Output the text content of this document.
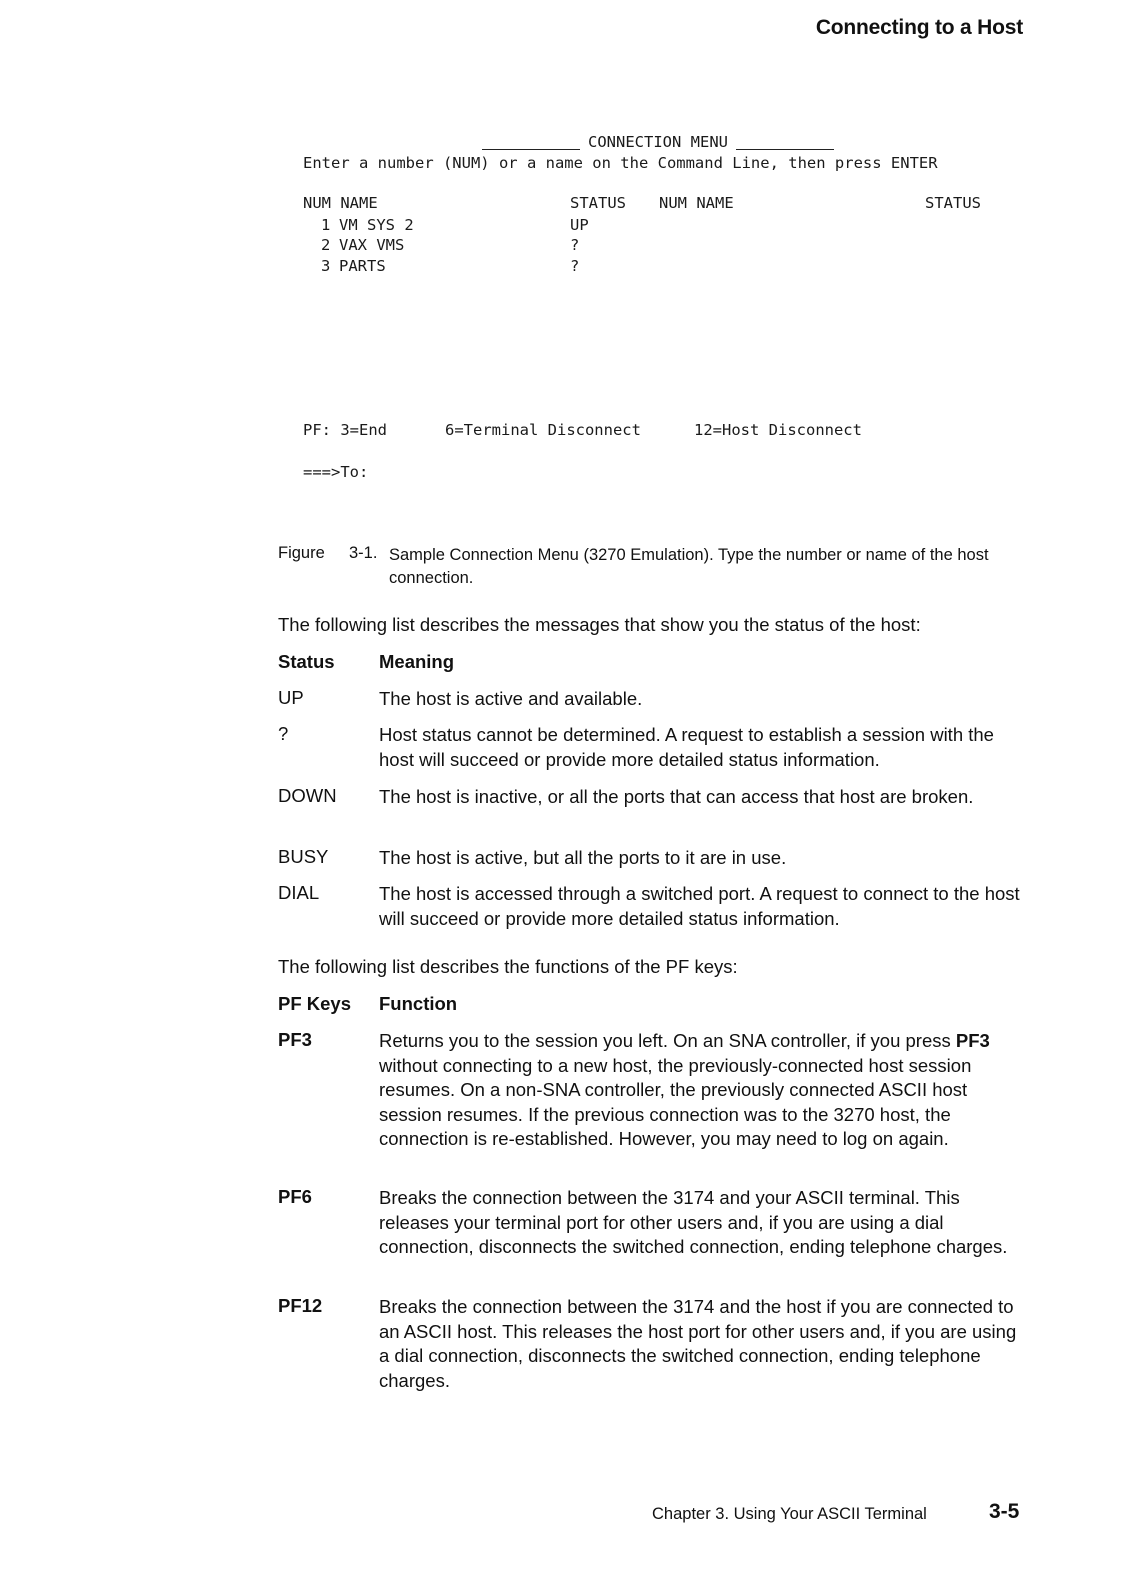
Connecting to a Host
CONNECTION MENU
Enter a number (NUM) or a name on the Command Line, then press ENTER
NUM NAME	STATUS NUM NAME	STATUS
1 VM SYS 2	UP
2 VAX VMS	?
3 PARTS	?
PF: 3=End	6=Terminal Disconnect	12=Host Disconnect
===>To:
Figure 3-1. Sample Connection Menu (3270 Emulation). Type the number or name of the host connection.
The following list describes the messages that show you the status of the host:
Status Meaning
UP	The host is active and available.
?	Host status cannot be determined. A request to establish a session with the host will succeed or provide more detailed status information.
DOWN The host is inactive, or all the ports that can access that host are broken.
BUSY	The host is active, but all the ports to it are in use.
DIAL	The host is accessed through a switched port. A request to connect to the host will succeed or provide more detailed status information.
The following list describes the functions of the PF keys:
PF Keys Function
PF3	Returns you to the session you left. On an SNA controller, if you press PF3 without connecting to a new host, the previously-connected host session resumes. On a non-SNA controller, the previously connected ASCII host session resumes. If the previous connection was to the 3270 host, the connection is re-established. However, you may need to log on again.
PF6	Breaks the connection between the 3174 and your ASCII terminal. This releases your terminal port for other users and, if you are using a dial connection, disconnects the switched connection, ending telephone charges.
PF12	Breaks the connection between the 3174 and the host if you are connected to an ASCII host. This releases the host port for other users and, if you are using a dial connection, disconnects the switched connection, ending telephone charges.
Chapter 3. Using Your ASCII Terminal	3-5
